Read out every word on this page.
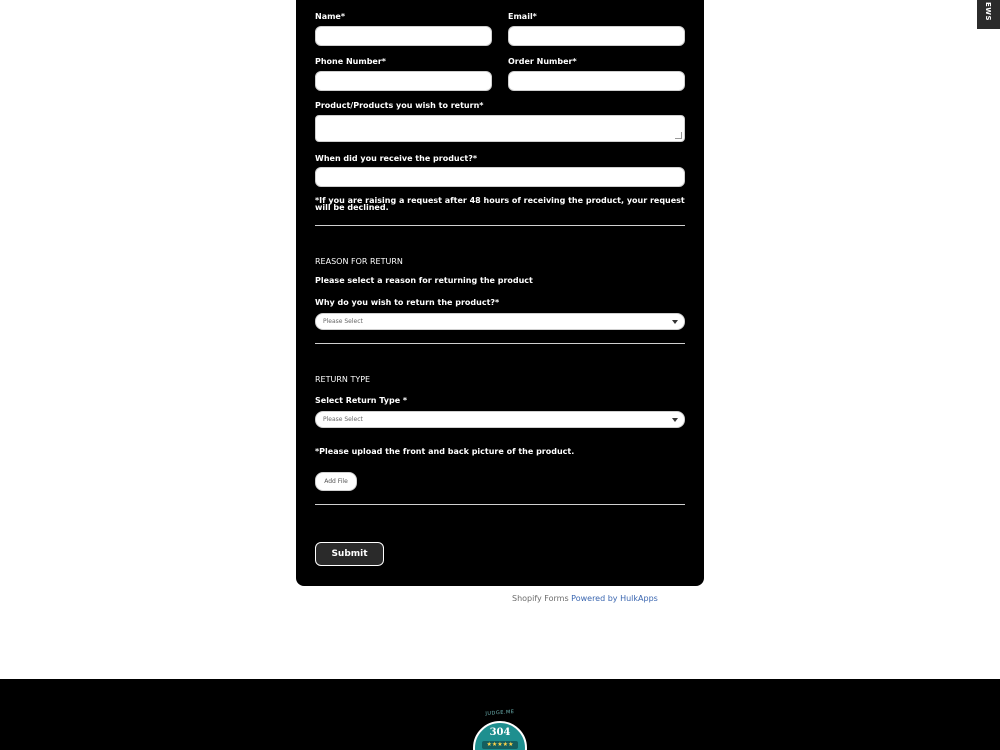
Name*	Email*
Phone Number*	Order Number*
Product/Products you wish to return*
When did you receive the product?*
*If you are raising a request after 48 hours of receiving the product, your request will be declined.
REASON FOR RETURN
Please select a reason for returning the product
Why do you wish to return the product?*
Please Select
RETURN TYPE
Select Return Type *
Please Select
*Please upload the front and back picture of the product.
Add File
Submit
Shopify Forms Powered by HulkApps
EWS
JUDGE.ME
304
★★★★★
